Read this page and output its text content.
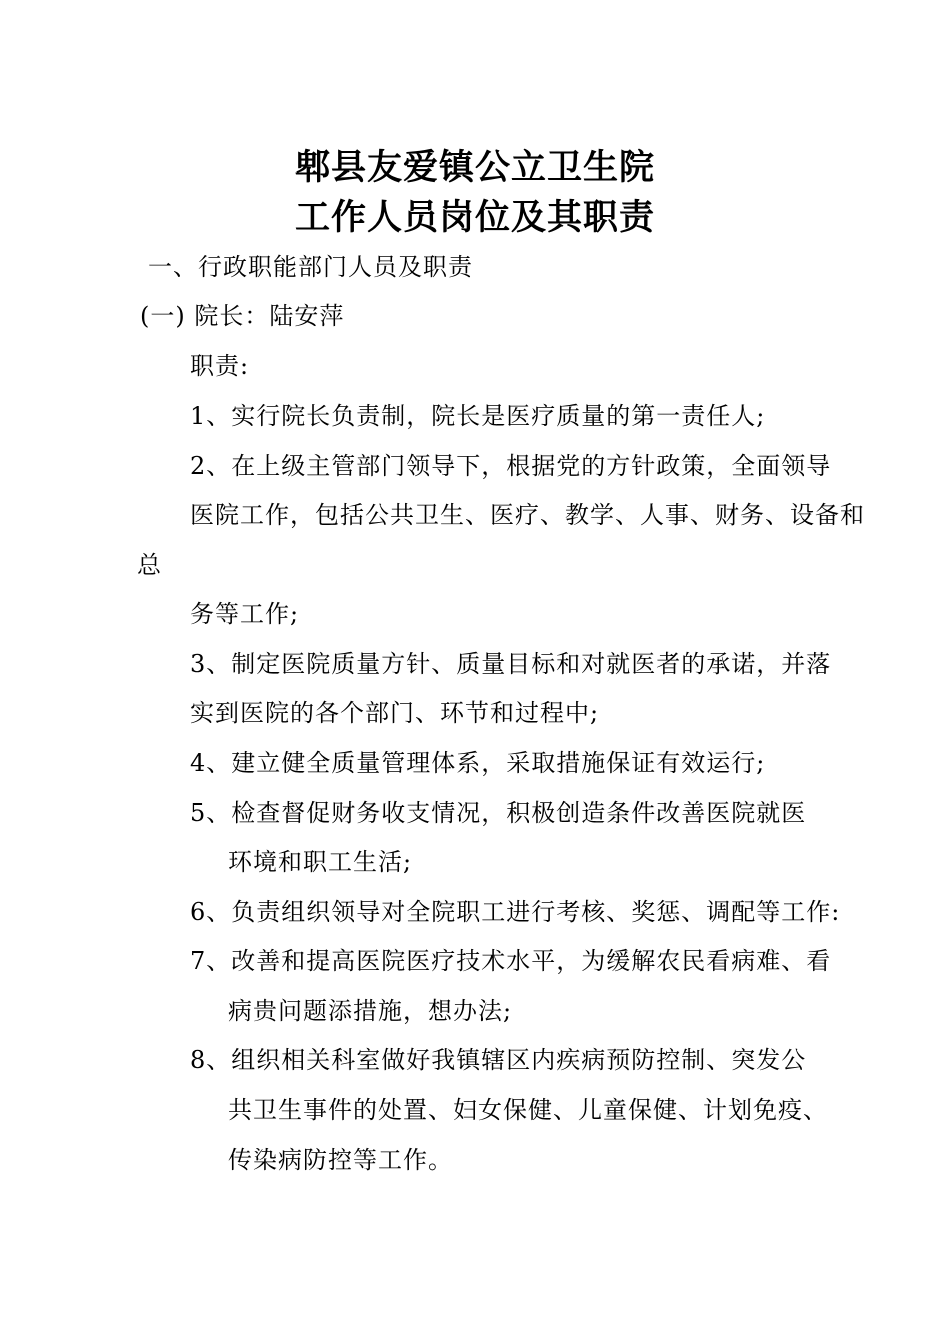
郫县友爱镇公立卫生院
工作人员岗位及其职责
一、行政职能部门人员及职责
(一) 院长：陆安萍
职责:
1、实行院长负责制，院长是医疗质量的第一责任人;
2、在上级主管部门领导下，根据党的方针政策，全面领导
医院工作，包括公共卫生、医疗、教学、人事、财务、设备和
总
务等工作;
3、制定医院质量方针、质量目标和对就医者的承诺，并落
实到医院的各个部门、环节和过程中;
4、建立健全质量管理体系，采取措施保证有效运行;
5、检查督促财务收支情况，积极创造条件改善医院就医
环境和职工生活;
6、负责组织领导对全院职工进行考核、奖惩、调配等工作:
7、改善和提高医院医疗技术水平，为缓解农民看病难、看
病贵问题添措施，想办法;
8、组织相关科室做好我镇辖区内疾病预防控制、突发公
共卫生事件的处置、妇女保健、儿童保健、计划免疫、
传染病防控等工作。
